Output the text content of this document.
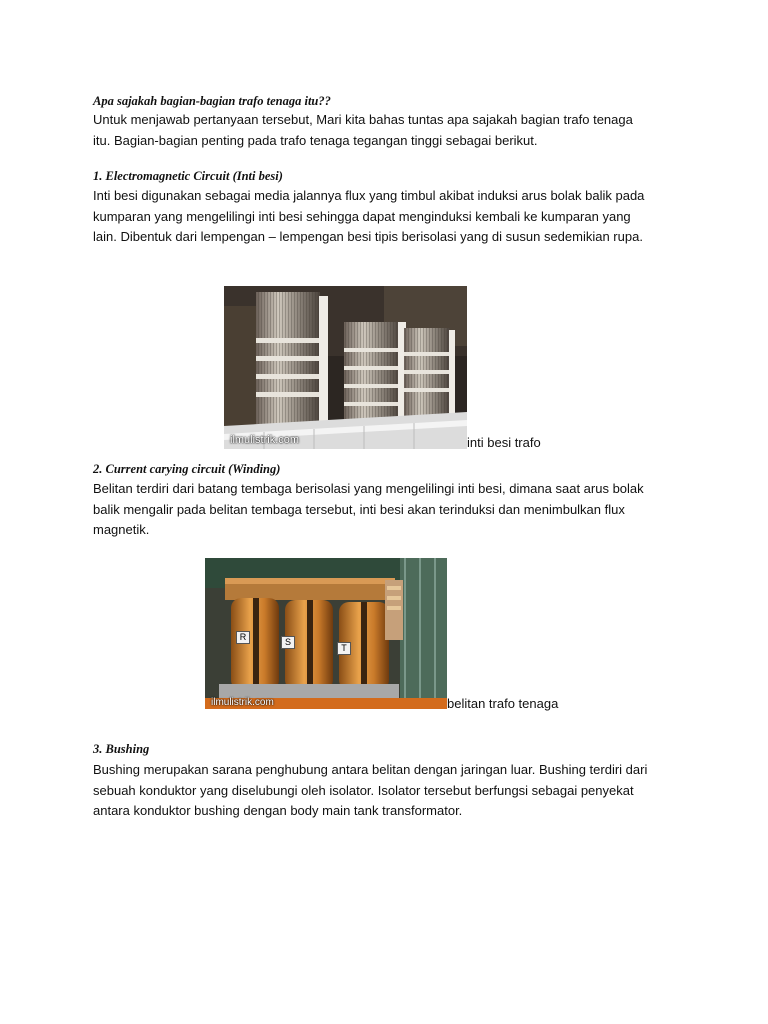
Apa sajakah bagian-bagian trafo tenaga itu??
Untuk menjawab pertanyaan tersebut, Mari kita bahas tuntas apa sajakah bagian trafo tenaga
itu. Bagian-bagian penting pada trafo tenaga tegangan tinggi sebagai berikut.
1. Electromagnetic Circuit (Inti besi)
Inti besi digunakan sebagai media jalannya flux yang timbul akibat induksi arus bolak balik pada
kumparan yang mengelilingi inti besi sehingga dapat menginduksi kembali ke kumparan yang
lain. Dibentuk dari lempengan – lempengan besi tipis berisolasi yang di susun sedemikian rupa.
ilmulistrik.com	inti besi trafo
2. Current carying circuit (Winding)
Belitan terdiri dari batang tembaga berisolasi yang mengelilingi inti besi, dimana saat arus bolak
balik mengalir pada belitan tembaga tersebut, inti besi akan terinduksi dan menimbulkan flux
magnetik.
R	S
T
ilmulistrik.com	belitan trafo tenaga
3. Bushing
Bushing merupakan sarana penghubung antara belitan dengan jaringan luar. Bushing terdiri dari
sebuah konduktor yang diselubungi oleh isolator. Isolator tersebut berfungsi sebagai penyekat
antara konduktor bushing dengan body main tank transformator.
